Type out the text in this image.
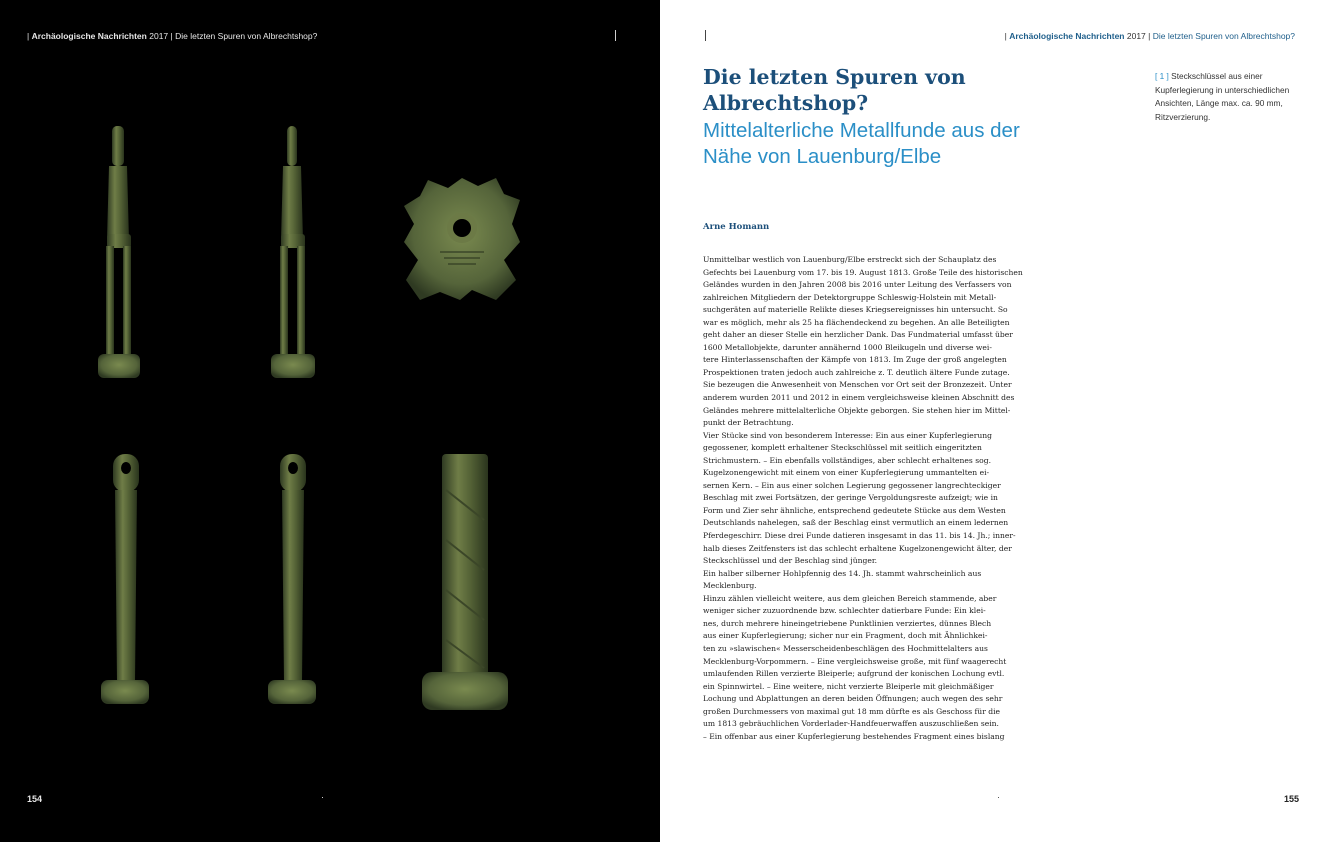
| Archäologische Nachrichten 2017 | Die letzten Spuren von Albrechtshop?
154
| Archäologische Nachrichten 2017 | Die letzten Spuren von Albrechtshop?
Die letzten Spuren von Albrechtshop?
Mittelalterliche Metallfunde aus der Nähe von Lauenburg/Elbe
Arne Homann
[ 1 ] Steckschlüssel aus einer Kupferlegierung in unterschiedlichen Ansichten, Länge max. ca. 90 mm, Ritzverzierung.
Unmittelbar westlich von Lauenburg/Elbe erstreckt sich der Schauplatz des
Gefechts bei Lauenburg vom 17. bis 19. August 1813. Große Teile des historischen
Geländes wurden in den Jahren 2008 bis 2016 unter Leitung des Verfassers von
zahlreichen Mitgliedern der Detektorgruppe Schleswig-Holstein mit Metall-
suchgeräten auf materielle Relikte dieses Kriegsereignisses hin untersucht. So
war es möglich, mehr als 25 ha flächendeckend zu begehen. An alle Beteiligten
geht daher an dieser Stelle ein herzlicher Dank. Das Fundmaterial umfasst über
1600 Metallobjekte, darunter annähernd 1000 Bleikugeln und diverse wei-
tere Hinterlassenschaften der Kämpfe von 1813. Im Zuge der groß angelegten
Prospektionen traten jedoch auch zahlreiche z. T. deutlich ältere Funde zutage.
Sie bezeugen die Anwesenheit von Menschen vor Ort seit der Bronzezeit. Unter
anderem wurden 2011 und 2012 in einem vergleichsweise kleinen Abschnitt des
Geländes mehrere mittelalterliche Objekte geborgen. Sie stehen hier im Mittel-
punkt der Betrachtung.
Vier Stücke sind von besonderem Interesse: Ein aus einer Kupferlegierung
gegossener, komplett erhaltener Steckschlüssel mit seitlich eingeritzten
Strichmustern. – Ein ebenfalls vollständiges, aber schlecht erhaltenes sog.
Kugelzonengewicht mit einem von einer Kupferlegierung ummantelten ei-
sernen Kern. – Ein aus einer solchen Legierung gegossener langrechteckiger
Beschlag mit zwei Fortsätzen, der geringe Vergoldungsreste aufzeigt; wie in
Form und Zier sehr ähnliche, entsprechend gedeutete Stücke aus dem Westen
Deutschlands nahelegen, saß der Beschlag einst vermutlich an einem ledernen
Pferdegeschirr. Diese drei Funde datieren insgesamt in das 11. bis 14. Jh.; inner-
halb dieses Zeitfensters ist das schlecht erhaltene Kugelzonengewicht älter, der
Steckschlüssel und der Beschlag sind jünger.
Ein halber silberner Hohlpfennig des 14. Jh. stammt wahrscheinlich aus
Mecklenburg.
Hinzu zählen vielleicht weitere, aus dem gleichen Bereich stammende, aber
weniger sicher zuzuordnende bzw. schlechter datierbare Funde: Ein klei-
nes, durch mehrere hineingetriebene Punktlinien verziertes, dünnes Blech
aus einer Kupferlegierung; sicher nur ein Fragment, doch mit Ähnlichkei-
ten zu »slawischen« Messerscheidenbeschlägen des Hochmittelalters aus
Mecklenburg-Vorpommern. – Eine vergleichsweise große, mit fünf waagerecht
umlaufenden Rillen verzierte Bleiperle; aufgrund der konischen Lochung evtl.
ein Spinnwirtel. – Eine weitere, nicht verzierte Bleiperle mit gleichmäßiger
Lochung und Abplattungen an deren beiden Öffnungen; auch wegen des sehr
großen Durchmessers von maximal gut 18 mm dürfte es als Geschoss für die
um 1813 gebräuchlichen Vorderlader-Handfeuerwaffen auszuschließen sein.
– Ein offenbar aus einer Kupferlegierung bestehendes Fragment eines bislang
155
